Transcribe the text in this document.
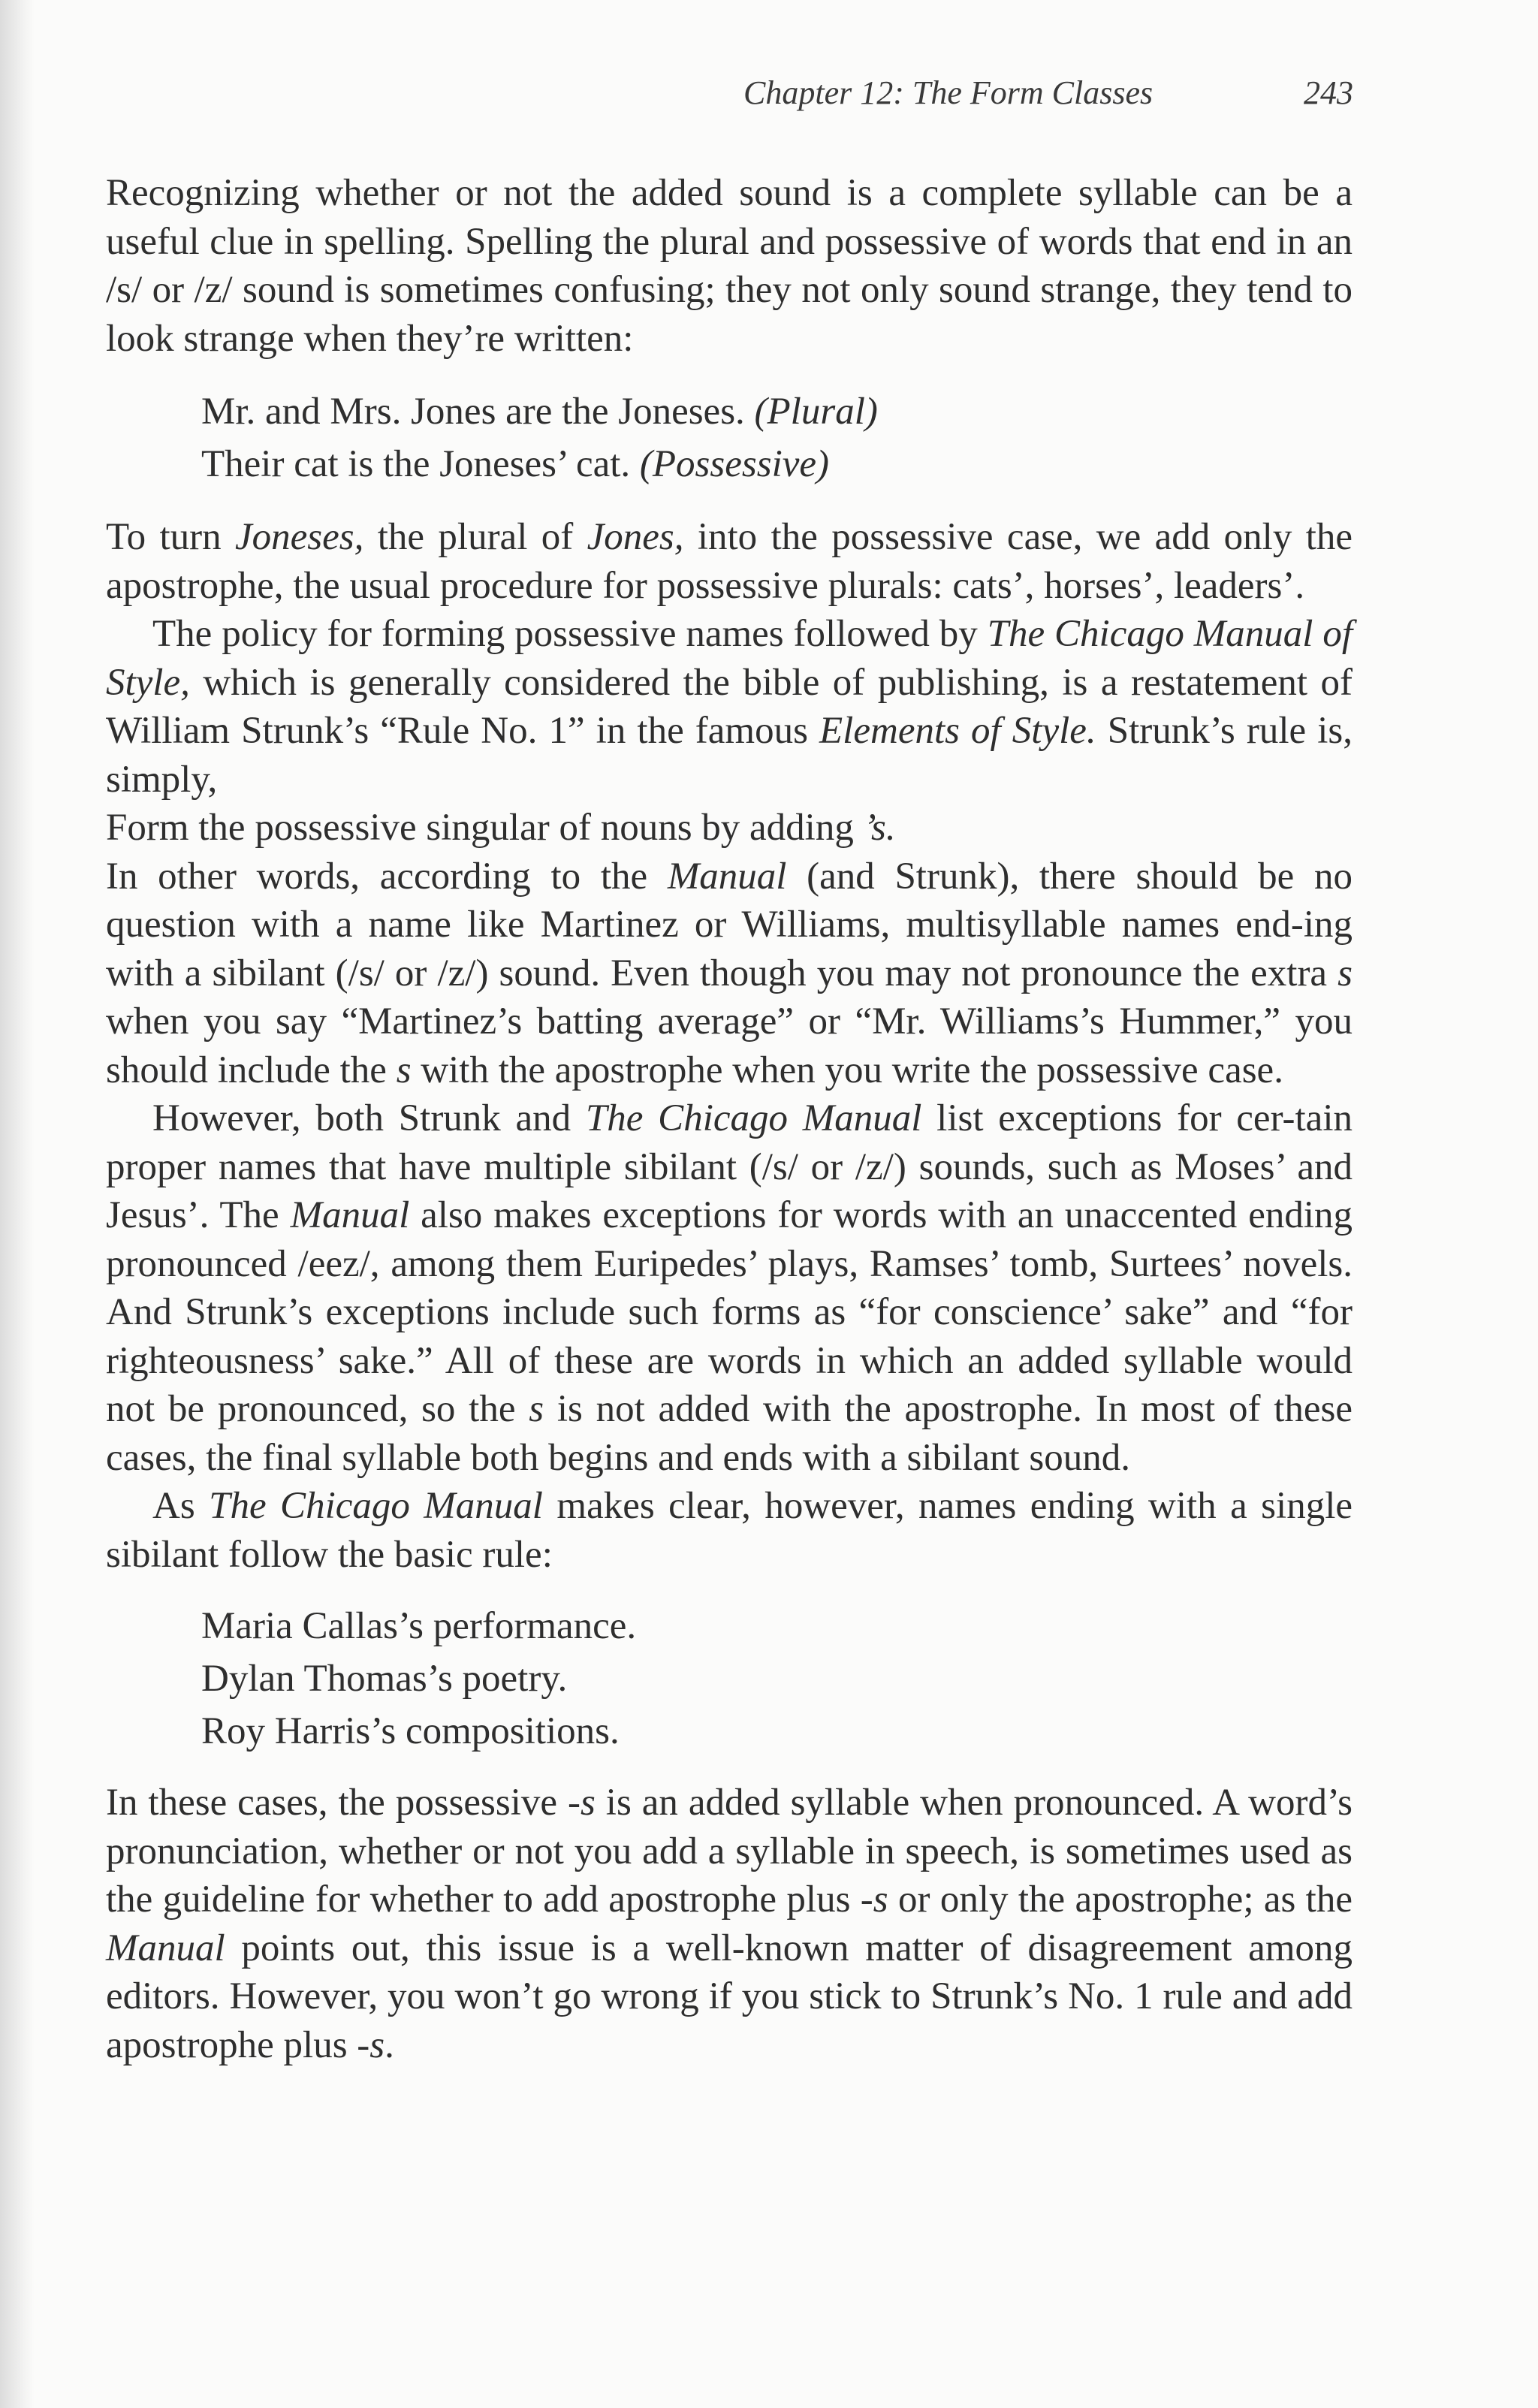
Chapter 12: The Form Classes	243

Recognizing whether or not the added sound is a complete syllable can be a useful clue in spelling. Spelling the plural and possessive of words that end in an /s/ or /z/ sound is sometimes confusing; they not only sound strange, they tend to look strange when they’re written:

Mr. and Mrs. Jones are the Joneses. (Plural)

Their cat is the Joneses’ cat. (Possessive)

To turn Joneses, the plural of Jones, into the possessive case, we add only the apostrophe, the usual procedure for possessive plurals: cats’, horses’, leaders’.

The policy for forming possessive names followed by The Chicago Manual of Style, which is generally considered the bible of publishing, is a restatement of William Strunk’s “Rule No. 1” in the famous Elements of Style. Strunk’s rule is, simply,

Form the possessive singular of nouns by adding ’s.

In other words, according to the Manual (and Strunk), there should be no question with a name like Martinez or Williams, multisyllable names end-ing with a sibilant (/s/ or /z/) sound. Even though you may not pronounce the extra s when you say “Martinez’s batting average” or “Mr. Williams’s Hummer,” you should include the s with the apostrophe when you write the possessive case.

However, both Strunk and The Chicago Manual list exceptions for cer-tain proper names that have multiple sibilant (/s/ or /z/) sounds, such as Moses’ and Jesus’. The Manual also makes exceptions for words with an unaccented ending pronounced /eez/, among them Euripedes’ plays, Ramses’ tomb, Surtees’ novels. And Strunk’s exceptions include such forms as “for conscience’ sake” and “for righteousness’ sake.” All of these are words in which an added syllable would not be pronounced, so the s is not added with the apostrophe. In most of these cases, the final syllable both begins and ends with a sibilant sound.

As The Chicago Manual makes clear, however, names ending with a single sibilant follow the basic rule:

Maria Callas’s performance.

Dylan Thomas’s poetry.

Roy Harris’s compositions.

In these cases, the possessive -s is an added syllable when pronounced. A word’s pronunciation, whether or not you add a syllable in speech, is sometimes used as the guideline for whether to add apostrophe plus -s or only the apostrophe; as the Manual points out, this issue is a well-known matter of disagreement among editors. However, you won’t go wrong if you stick to Strunk’s No. 1 rule and add apostrophe plus -s.
